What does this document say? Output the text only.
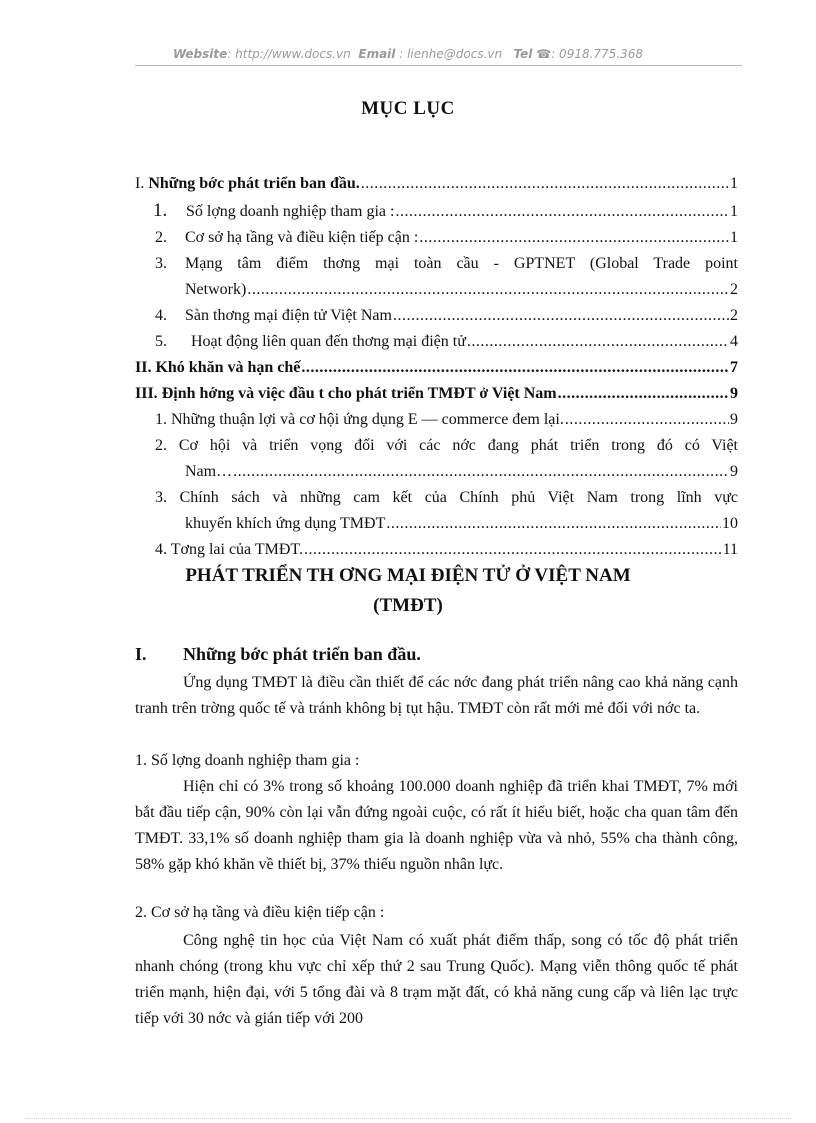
Website: http://www.docs.vn Email : lienhe@docs.vn Tel ☎: 0918.775.368
MỤC LỤC
I. Những bớc phát triển ban đầu. .....	1
1. Số lợng doanh nghiệp tham gia : .....	1
2. Cơ sở hạ tầng và điều kiện tiếp cận : .....	1
3. Mạng tâm điểm thơng mại toàn cầu - GPTNET (Global Trade point
Network) .....	2
4. Sàn thơng mại điện tử Việt Nam .....	2
5. Hoạt động liên quan đến thơng mại điện tử .....	4
II. Khó khăn và hạn chế .....	7
III. Định hớng và việc đầu t cho phát triển TMĐT ở Việt Nam .....	9
1. Những thuận lợi và cơ hội ứng dụng E — commerce đem lại. .....	9
2. Cơ hội và triển vọng đối với các nớc đang phát triển trong đó có Việt
Nam… .....	9
3. Chính sách và những cam kết của Chính phủ Việt Nam trong lĩnh vực
khuyến khích ứng dụng TMĐT .....	10
4. Tơng lai của TMĐT. .....	11
PHÁT TRIỂN TH ƠNG MẠI ĐIỆN TỬ Ở VIỆT NAM
(TMĐT)
I. Những bớc phát triển ban đầu.
Ứng dụng TMĐT là điều cần thiết để các nớc đang phát triển nâng cao khả năng cạnh tranh trên trờng quốc tế và tránh không bị tụt hậu. TMĐT còn rất mới mẻ đối với nớc ta.
1. Số lợng doanh nghiệp tham gia :
Hiện chỉ có 3% trong số khoảng 100.000 doanh nghiệp đã triển khai TMĐT, 7% mới bắt đầu tiếp cận, 90% còn lại vẫn đứng ngoài cuộc, có rất ít hiểu biết, hoặc cha quan tâm đến TMĐT. 33,1% số doanh nghiệp tham gia là doanh nghiệp vừa và nhỏ, 55% cha thành công, 58% gặp khó khăn về thiết bị, 37% thiếu nguồn nhân lực.
2. Cơ sở hạ tầng và điều kiện tiếp cận :
Công nghệ tin học của Việt Nam có xuất phát điểm thấp, song có tốc độ phát triển nhanh chóng (trong khu vực chỉ xếp thứ 2 sau Trung Quốc). Mạng viễn thông quốc tế phát triển mạnh, hiện đại, với 5 tổng đài và 8 trạm mặt đất, có khả năng cung cấp và liên lạc trực tiếp với 30 nớc và gián tiếp với 200
